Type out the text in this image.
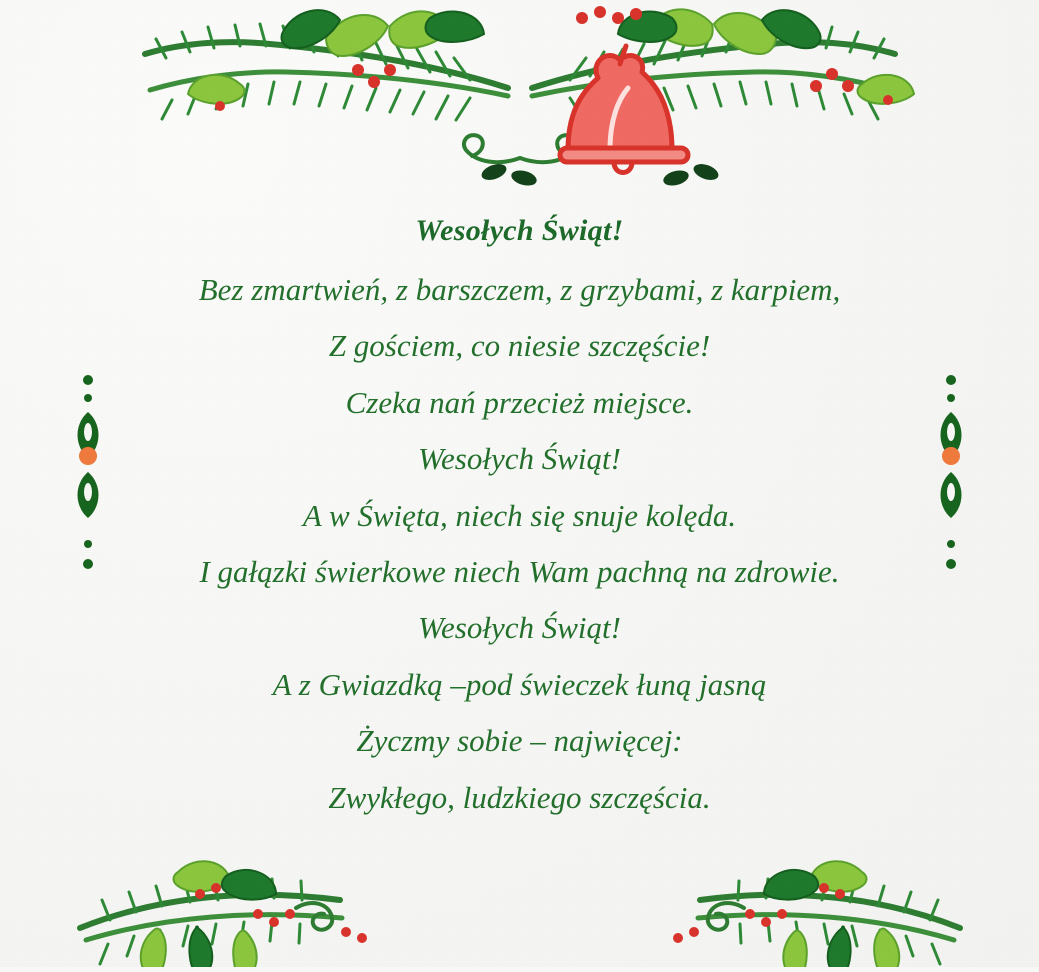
Wesołych Świąt!
Bez zmartwień, z barszczem, z grzybami, z karpiem,
Z gościem, co niesie szczęście!
Czeka nań przecież miejsce.
Wesołych Świąt!
A w Święta, niech się snuje kolęda.
I gałązki świerkowe niech Wam pachną na zdrowie.
Wesołych Świąt!
A z Gwiazdką –pod świeczek łuną jasną
Życzmy sobie – najwięcej:
Zwykłego, ludzkiego szczęścia.
